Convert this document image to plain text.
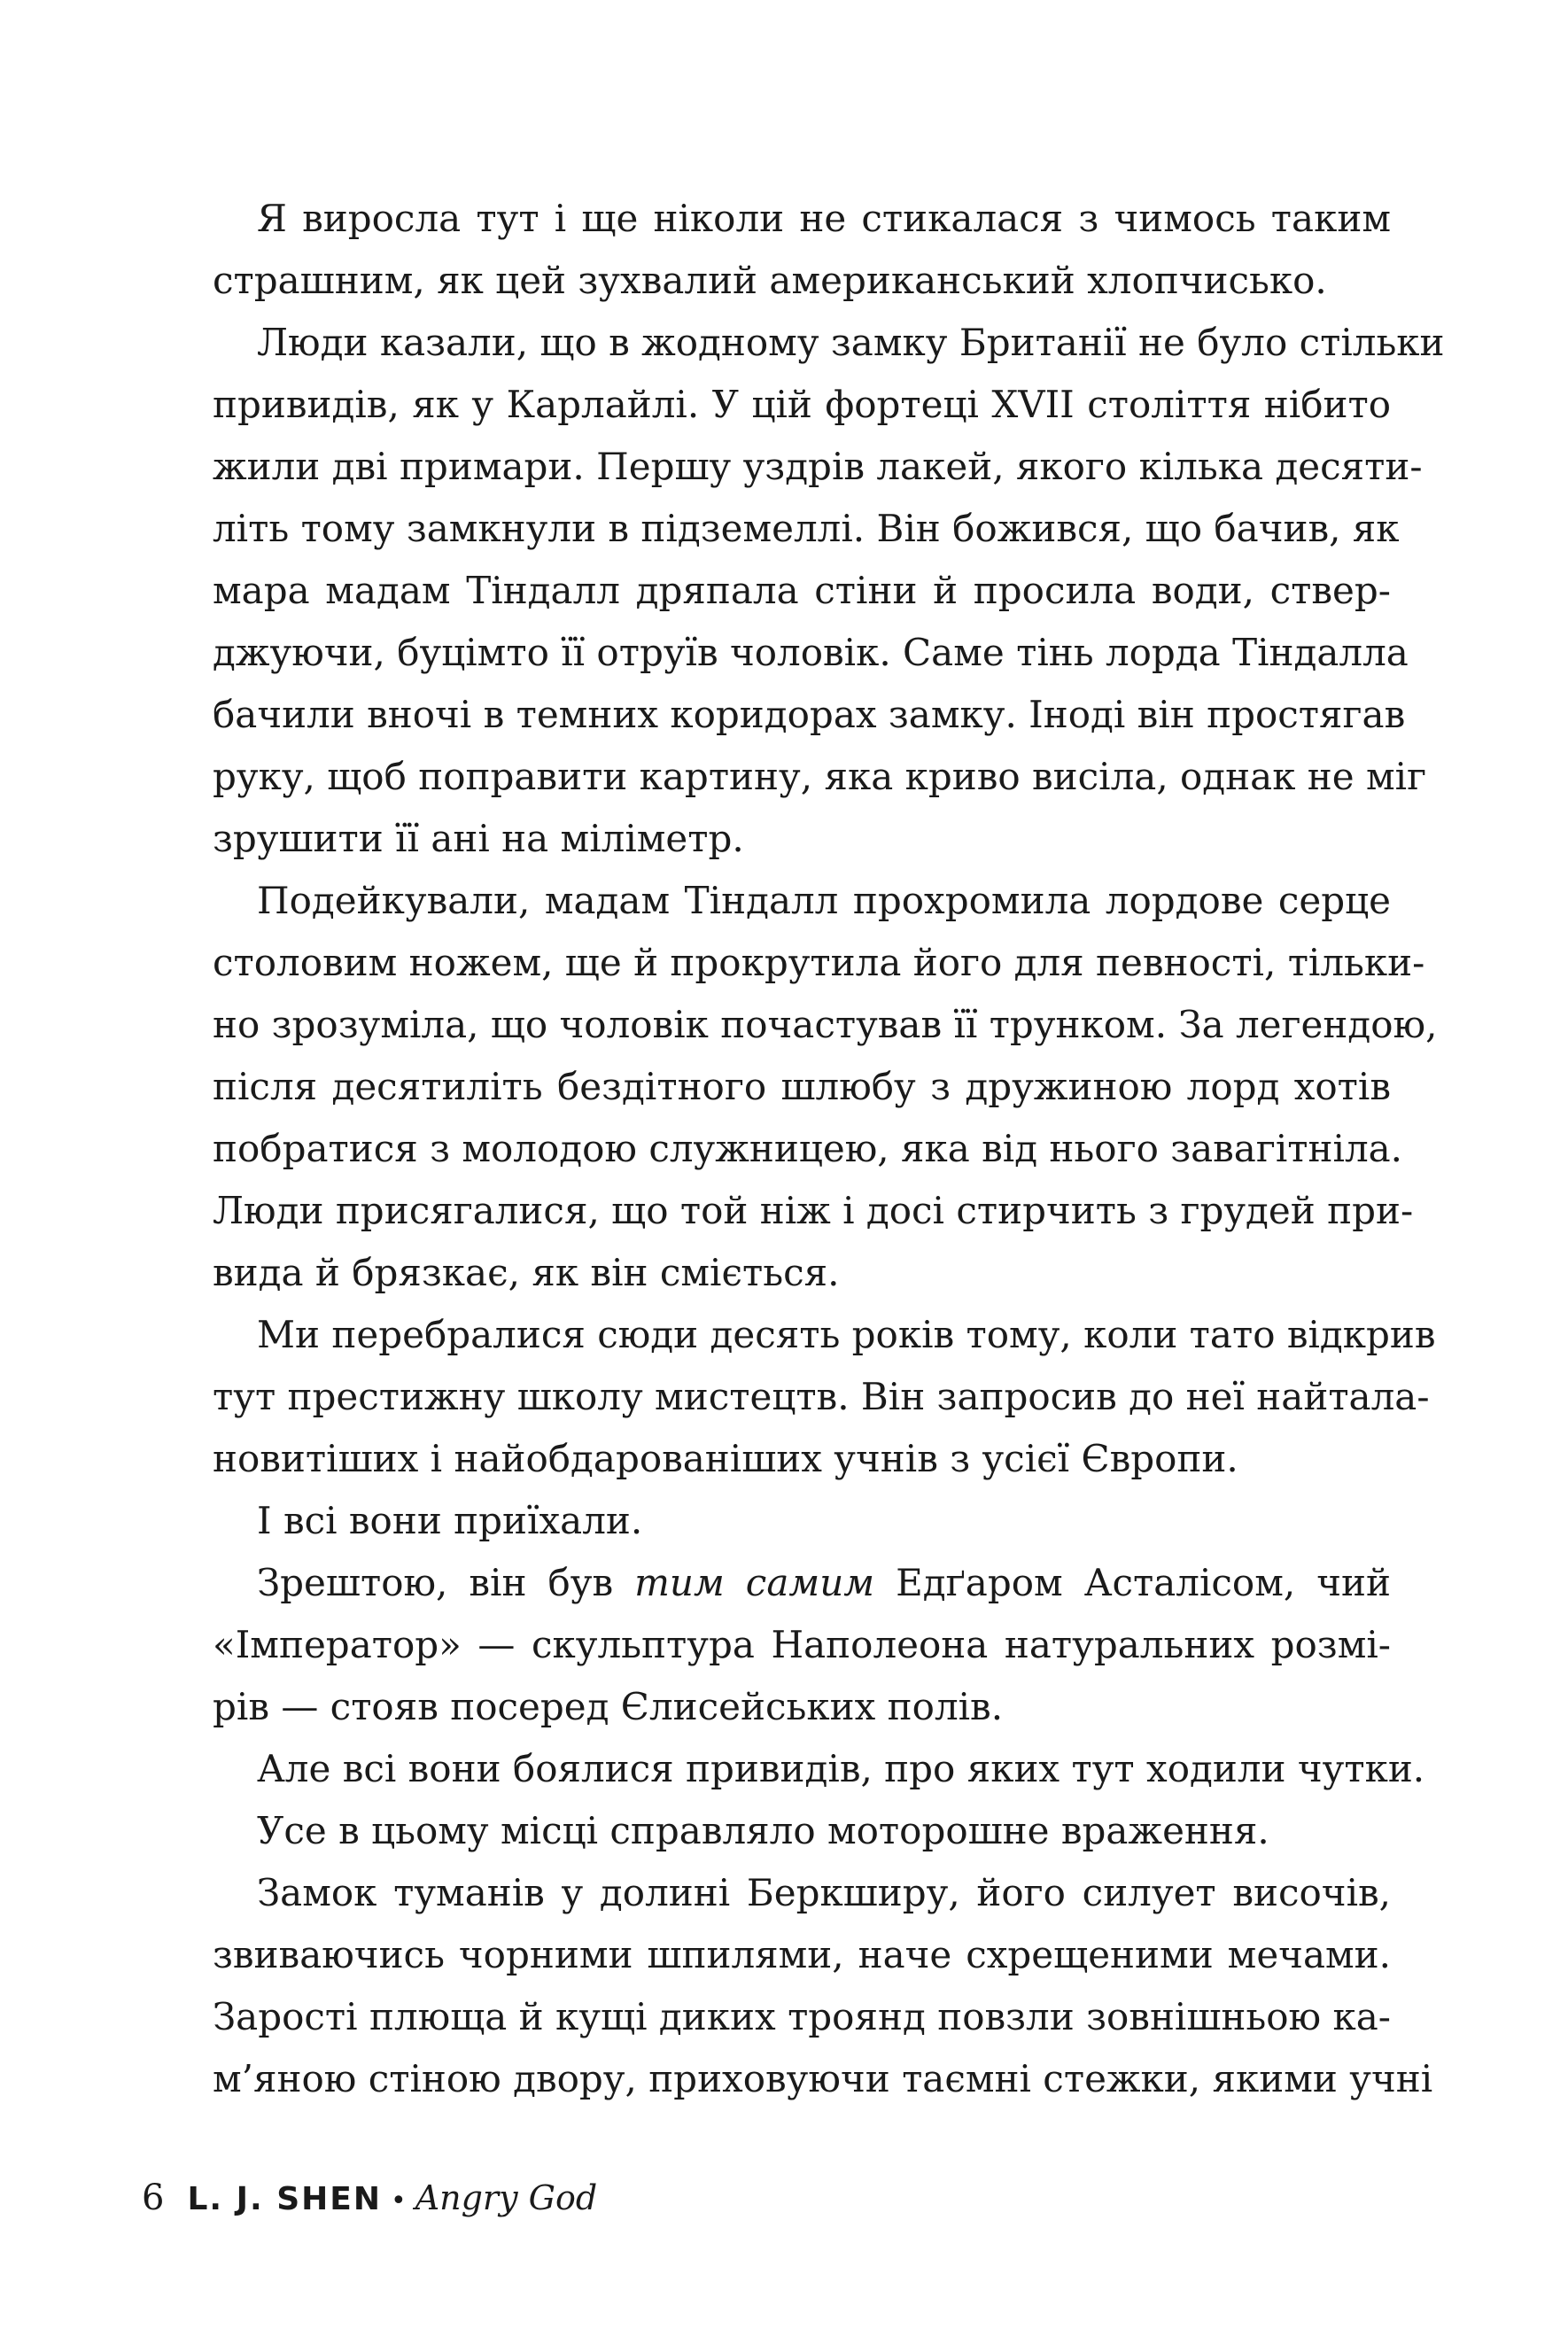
Я виросла тут і ще ніколи не стикалася з чимось таким
страшним, як цей зухвалий американський хлопчисько.

Люди казали, що в жодному замку Британії не було стільки
привидів, як у Карлайлі. У цій фортеці XVII століття нібито
жили дві примари. Першу уздрів лакей, якого кілька десяти-
літь тому замкнули в підземеллі. Він божився, що бачив, як
мара мадам Тіндалл дряпала стіни й просила води, ствер-
джуючи, буцімто її отруїв чоловік. Саме тінь лорда Тіндалла
бачили вночі в темних коридорах замку. Іноді він простягав
руку, щоб поправити картину, яка криво висіла, однак не міг
зрушити її ані на міліметр.

Подейкували, мадам Тіндалл прохромила лордове серце
столовим ножем, ще й прокрутила його для певності, тільки-
но зрозуміла, що чоловік почастував її трунком. За легендою,
після десятиліть бездітного шлюбу з дружиною лорд хотів
побратися з молодою служницею, яка від нього завагітніла.
Люди присягалися, що той ніж і досі стирчить з грудей при-
вида й брязкає, як він сміється.

Ми перебралися сюди десять років тому, коли тато відкрив
тут престижну школу мистецтв. Він запросив до неї найтала-
новитіших і найобдарованіших учнів з усієї Європи.

І всі вони приїхали.

Зрештою, він був тим самим Едґаром Асталісом, чий
«Імператор» — скульптура Наполеона натуральних розмі-
рів — стояв посеред Єлисейських полів.

Але всі вони боялися привидів, про яких тут ходили чутки.

Усе в цьому місці справляло моторошне враження.

Замок туманів у долині Беркширу, його силует височів,
звиваючись чорними шпилями, наче схрещеними мечами.
Зарості плюща й кущі диких троянд повзли зовнішньою ка-
м’яною стіною двору, приховуючи таємні стежки, якими учні

6 L. J. SHEN • Angry God
